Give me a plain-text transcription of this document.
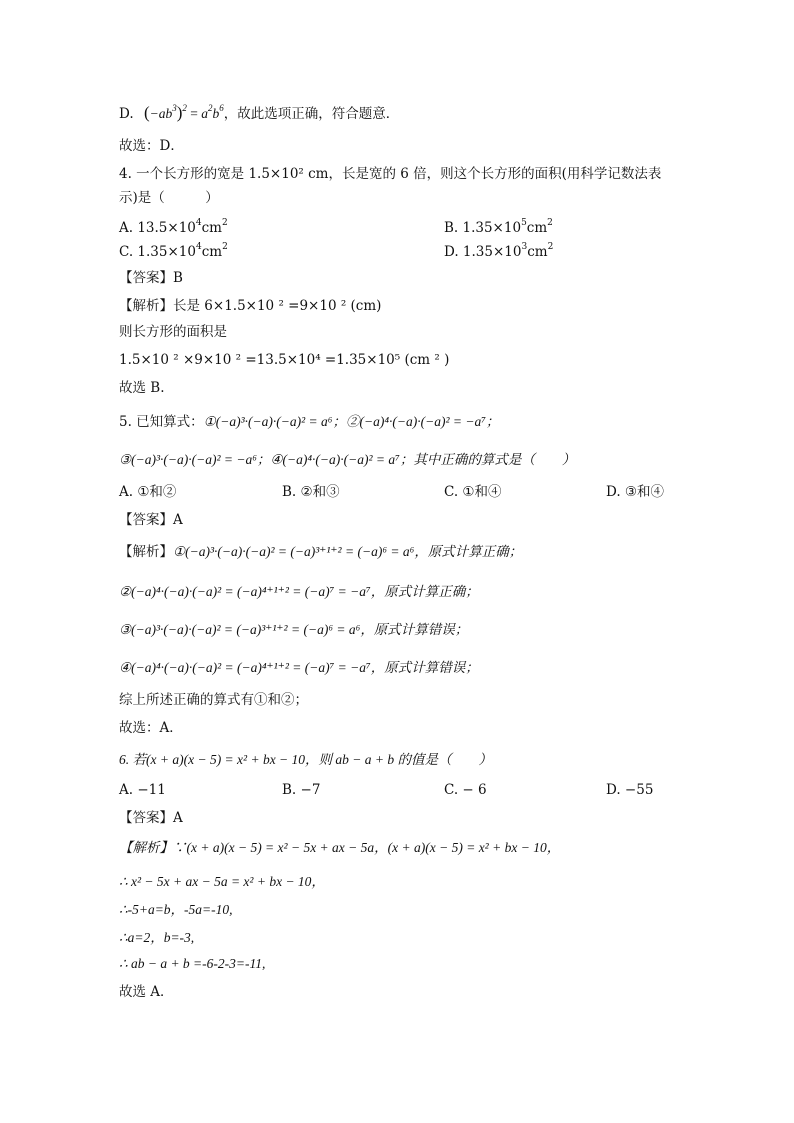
D. $(-ab^3)^2 = a^2b^6$，故此选项正确，符合题意．
故选：D．
4. 一个长方形的宽是 1.5×10² cm，长是宽的 6 倍，则这个长方形的面积(用科学记数法表
示)是（　　　）
A. $13.5\times 10^4cm^2$	B. $1.35\times 10^5cm^2$
C. $1.35\times 10^4cm^2$	D. $1.35\times 10^3cm^2$
【答案】B
【解析】长是 6×1.5×10 ² =9×10 ² (cm)
则长方形的面积是
1.5×10 ² ×9×10 ² =13.5×10⁴ =1.35×10⁵ (cm ² )
故选 B.
5. 已知算式：①(−a)³·(−a)·(−a)² = a⁶；②(−a)⁴·(−a)·(−a)² = −a⁷；
③(−a)³·(−a)·(−a)² = −a⁶；④(−a)⁴·(−a)·(−a)² = a⁷；其中正确的算式是（　　）
A. ①和②	B. ②和③	C. ①和④	D. ③和④
【答案】A
【解析】①(−a)³·(−a)·(−a)² = (−a)³⁺¹⁺² = (−a)⁶ = a⁶，原式计算正确；
②(−a)⁴·(−a)·(−a)² = (−a)⁴⁺¹⁺² = (−a)⁷ = −a⁷，原式计算正确；
③(−a)³·(−a)·(−a)² = (−a)³⁺¹⁺² = (−a)⁶ = a⁶，原式计算错误；
④(−a)⁴·(−a)·(−a)² = (−a)⁴⁺¹⁺² = (−a)⁷ = −a⁷，原式计算错误；
综上所述正确的算式有①和②；
故选：A．
6. 若(x + a)(x − 5) = x² + bx − 10，则 ab − a + b 的值是（　　）
A. −11	B. −7	C. − 6	D. −55
【答案】A
【解析】∵(x + a)(x − 5) = x² − 5x + ax − 5a，(x + a)(x − 5) = x² + bx − 10，
∴ x² − 5x + ax − 5a = x² + bx − 10，
∴-5+a=b，-5a=-10,
∴a=2，b=-3,
∴ ab − a + b =-6-2-3=-11,
故选 A．
